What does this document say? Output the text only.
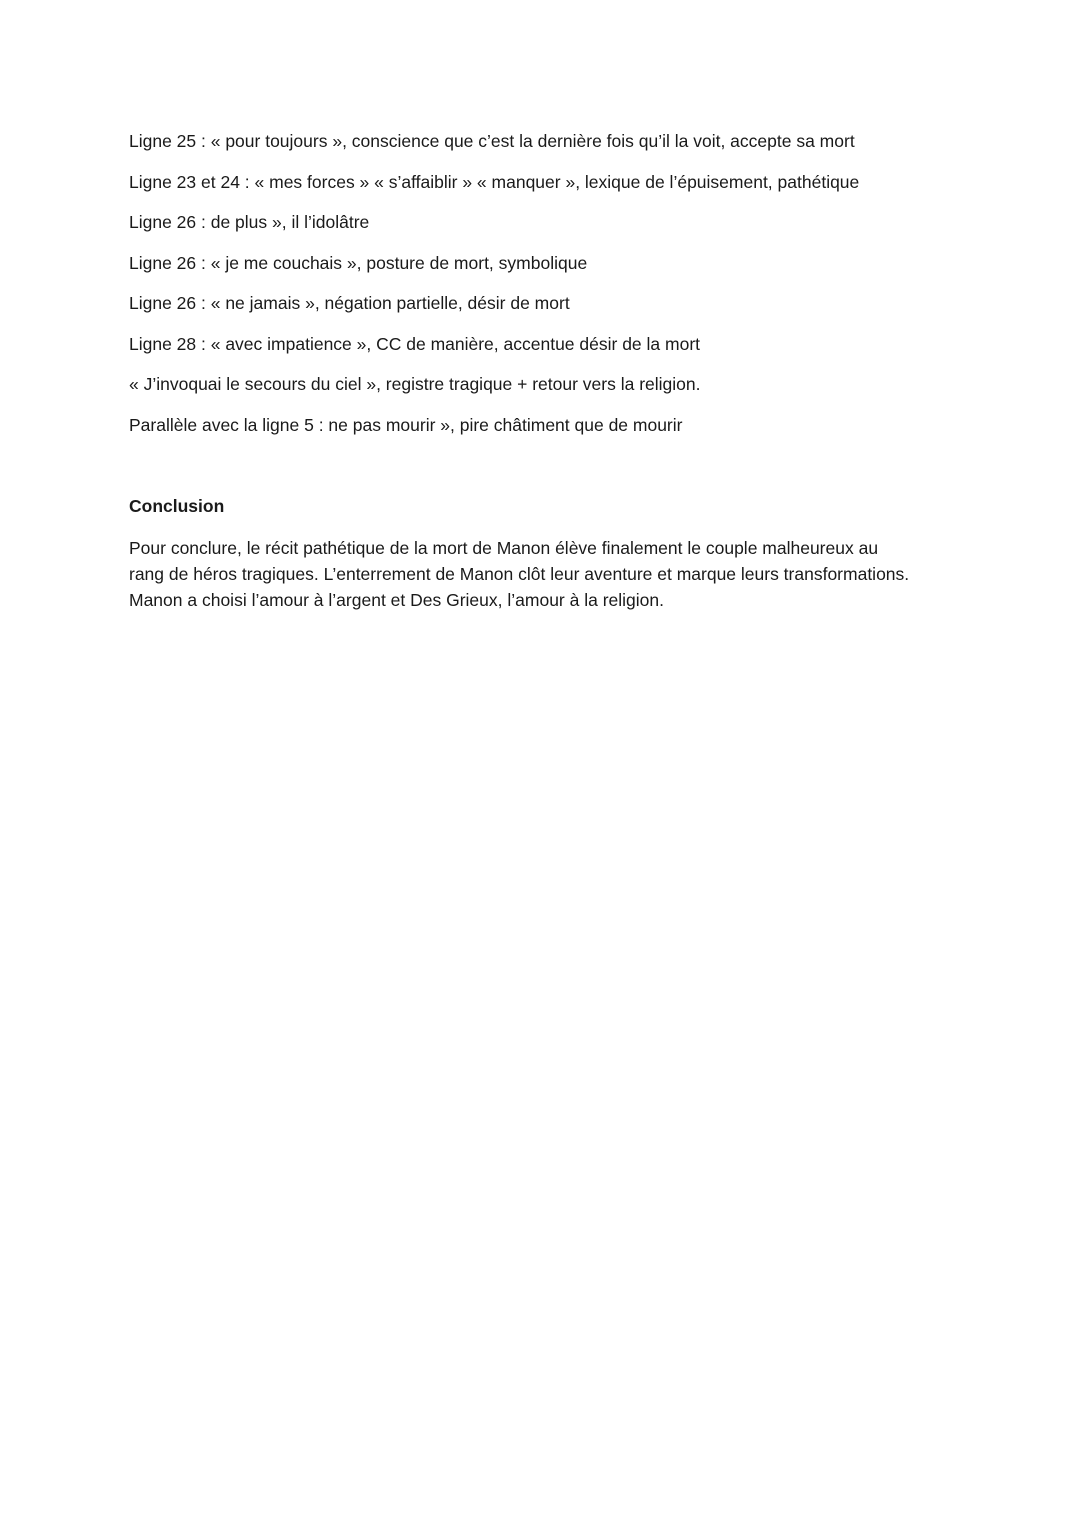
Ligne 25 : « pour toujours », conscience que c’est la dernière fois qu’il la voit, accepte sa mort
Ligne 23 et 24 : « mes forces » « s’affaiblir » « manquer », lexique de l’épuisement, pathétique
Ligne 26 : de plus », il l’idolâtre
Ligne 26 : « je me couchais », posture de mort, symbolique
Ligne 26 : « ne jamais », négation partielle, désir de mort
Ligne 28 : « avec impatience », CC de manière, accentue désir de la mort
« J’invoquai le secours du ciel », registre tragique + retour vers la religion.
Parallèle avec la ligne 5 : ne pas mourir », pire châtiment que de mourir
Conclusion

Pour conclure, le récit pathétique de la mort de Manon élève finalement le couple malheureux au
rang de héros tragiques. L’enterrement de Manon clôt leur aventure et marque leurs transformations.
Manon a choisi l’amour à l’argent et Des Grieux, l’amour à la religion.
